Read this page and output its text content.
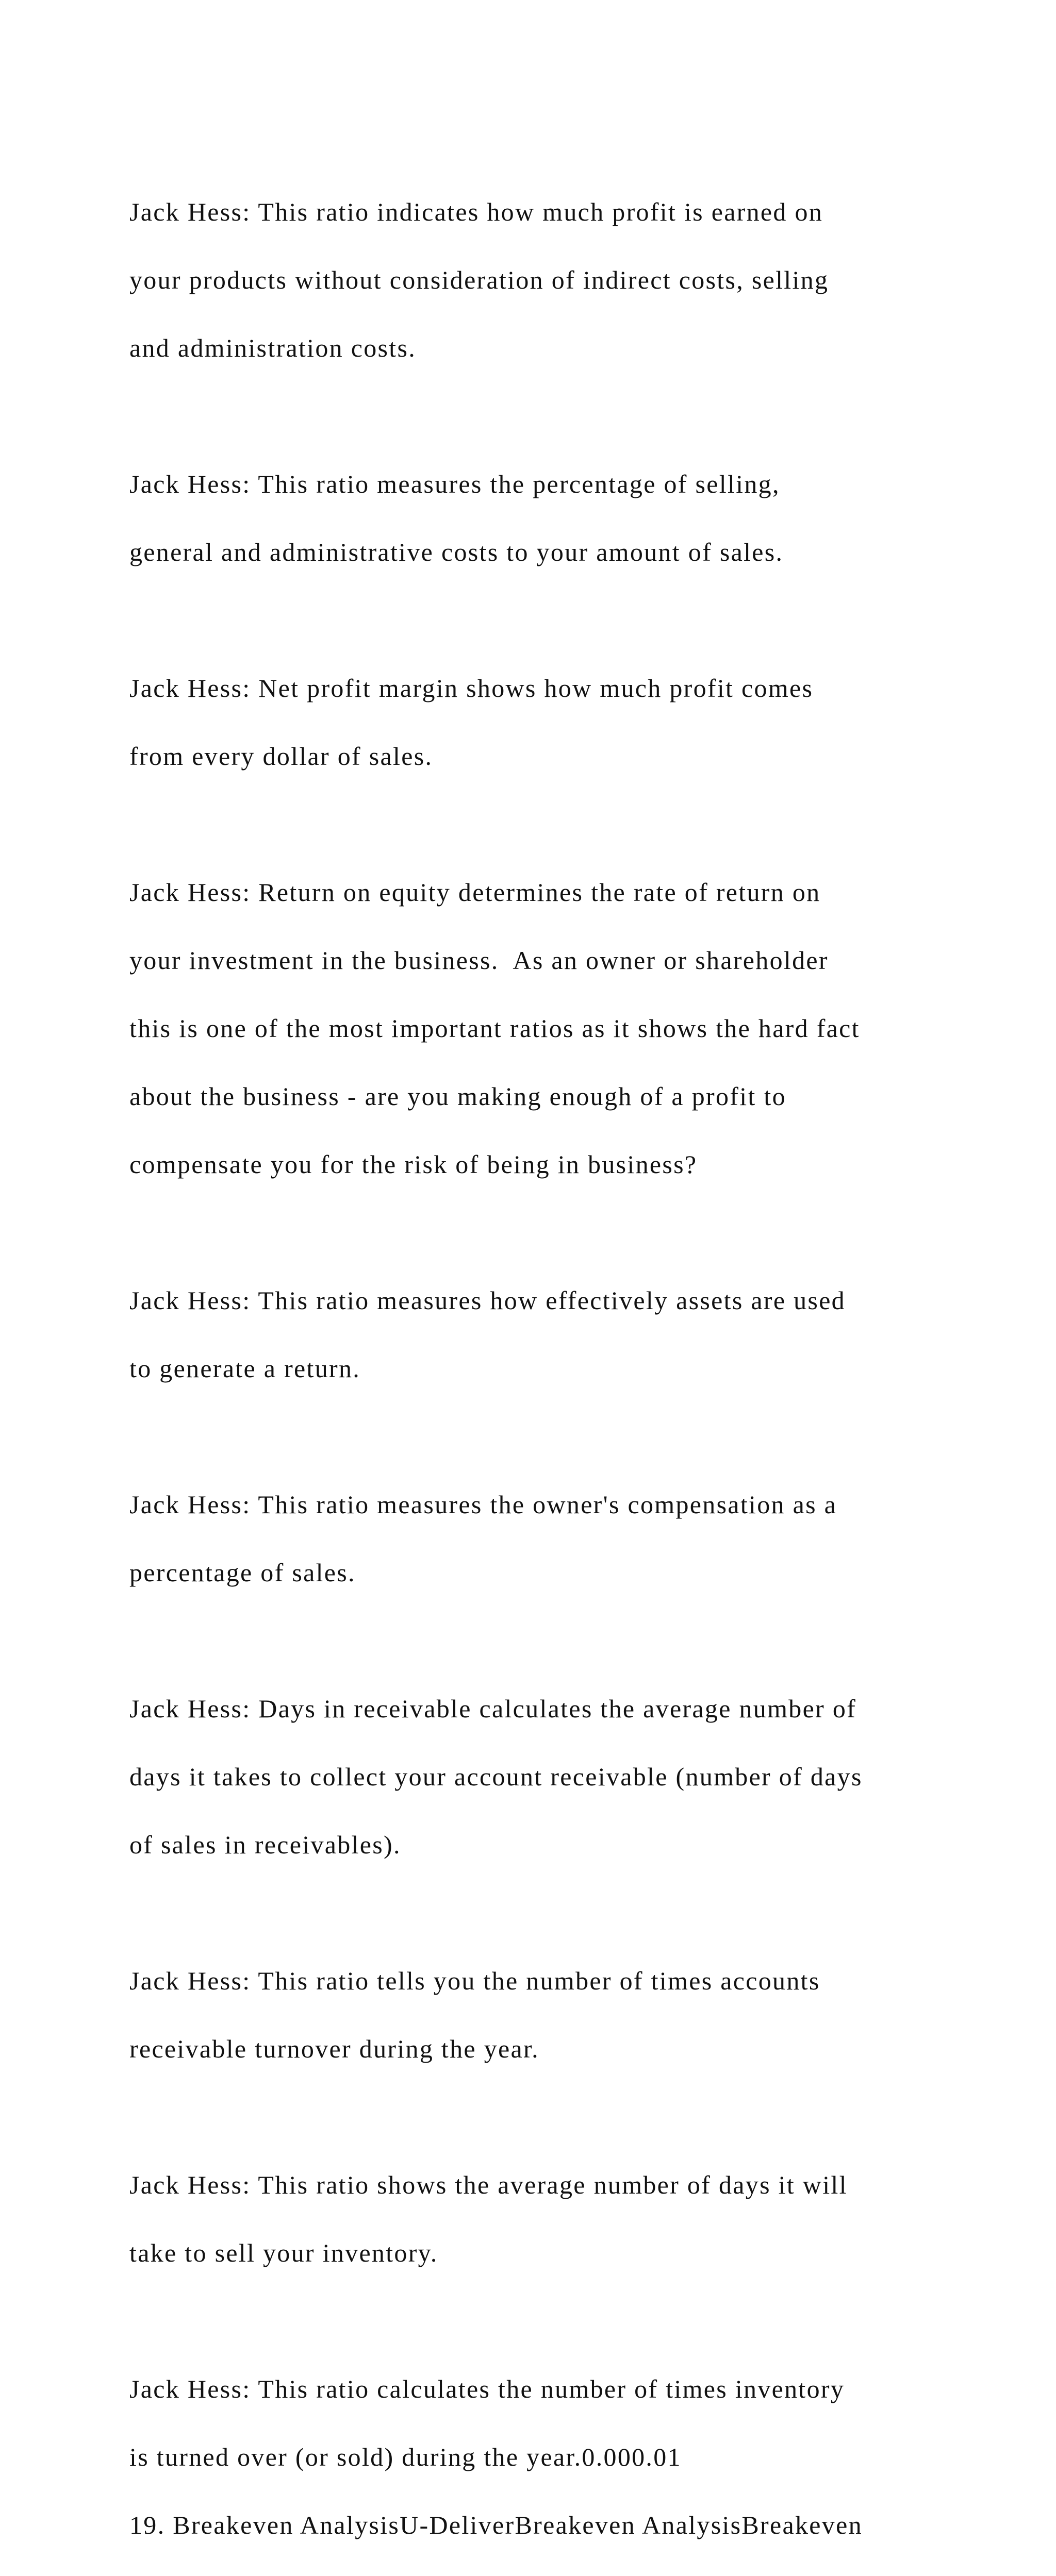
Jack Hess: This ratio indicates how much profit is earned on

your products without consideration of indirect costs, selling

and administration costs.

Jack Hess: This ratio measures the percentage of selling,

general and administrative costs to your amount of sales.

Jack Hess: Net profit margin shows how much profit comes

from every dollar of sales.

Jack Hess: Return on equity determines the rate of return on

your investment in the business.  As an owner or shareholder

this is one of the most important ratios as it shows the hard fact

about the business - are you making enough of a profit to

compensate you for the risk of being in business?

Jack Hess: This ratio measures how effectively assets are used

to generate a return.

Jack Hess: This ratio measures the owner's compensation as a

percentage of sales.

Jack Hess: Days in receivable calculates the average number of

days it takes to collect your account receivable (number of days

of sales in receivables).

Jack Hess: This ratio tells you the number of times accounts

receivable turnover during the year.

Jack Hess: This ratio shows the average number of days it will

take to sell your inventory.

Jack Hess: This ratio calculates the number of times inventory

is turned over (or sold) during the year.0.000.01

19. Breakeven AnalysisU-DeliverBreakeven AnalysisBreakeven
